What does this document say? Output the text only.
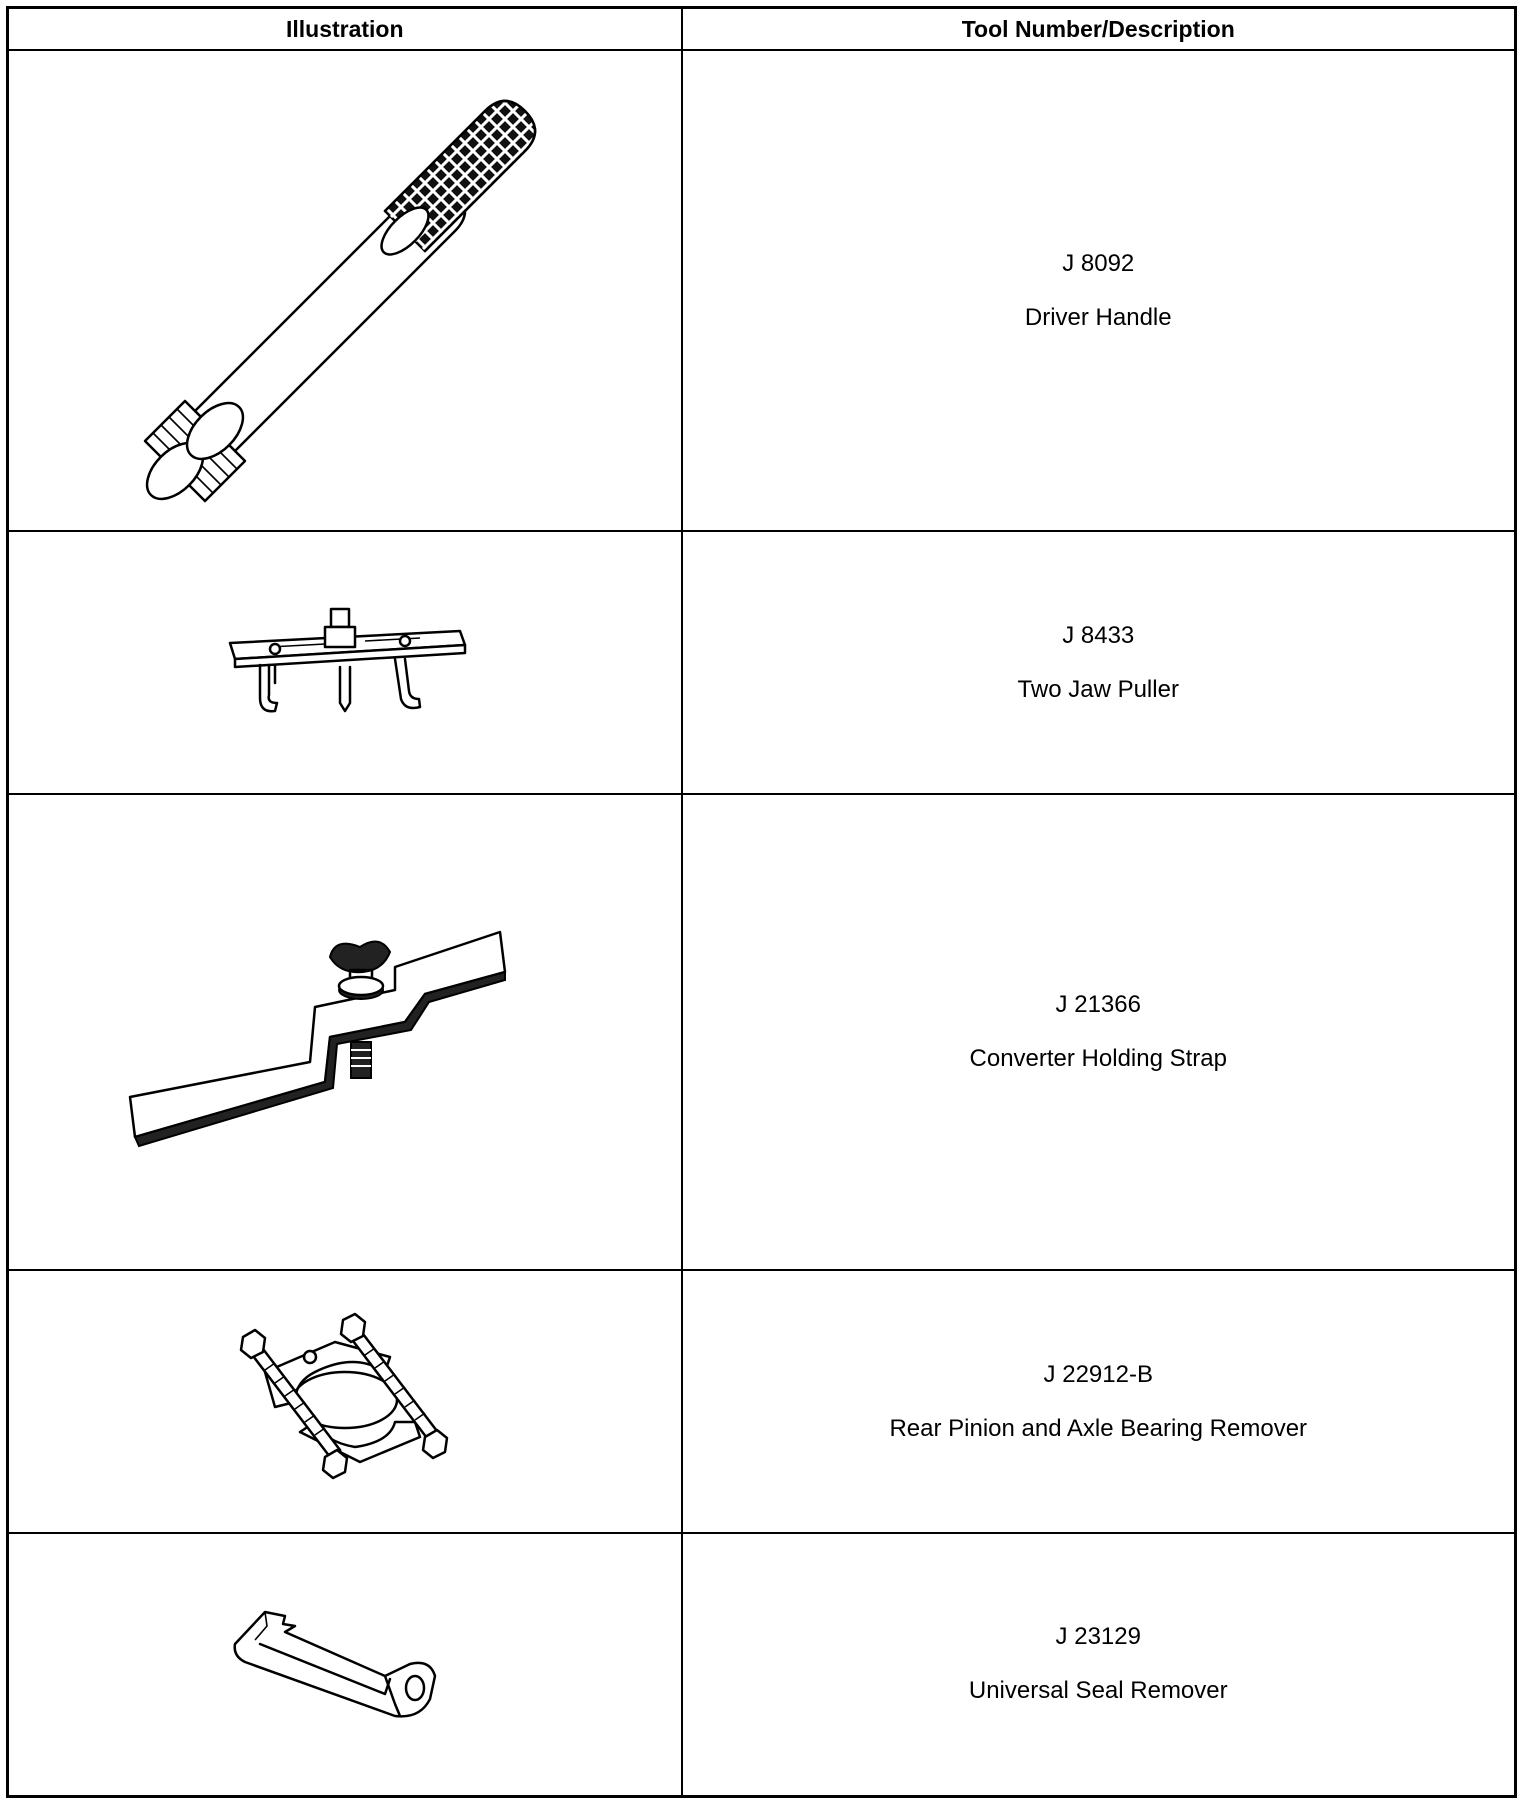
Illustration	Tool Number/Description

J 8092
Driver Handle

J 8433
Two Jaw Puller

J 21366
Converter Holding Strap

J 22912-B
Rear Pinion and Axle Bearing Remover

J 23129
Universal Seal Remover
